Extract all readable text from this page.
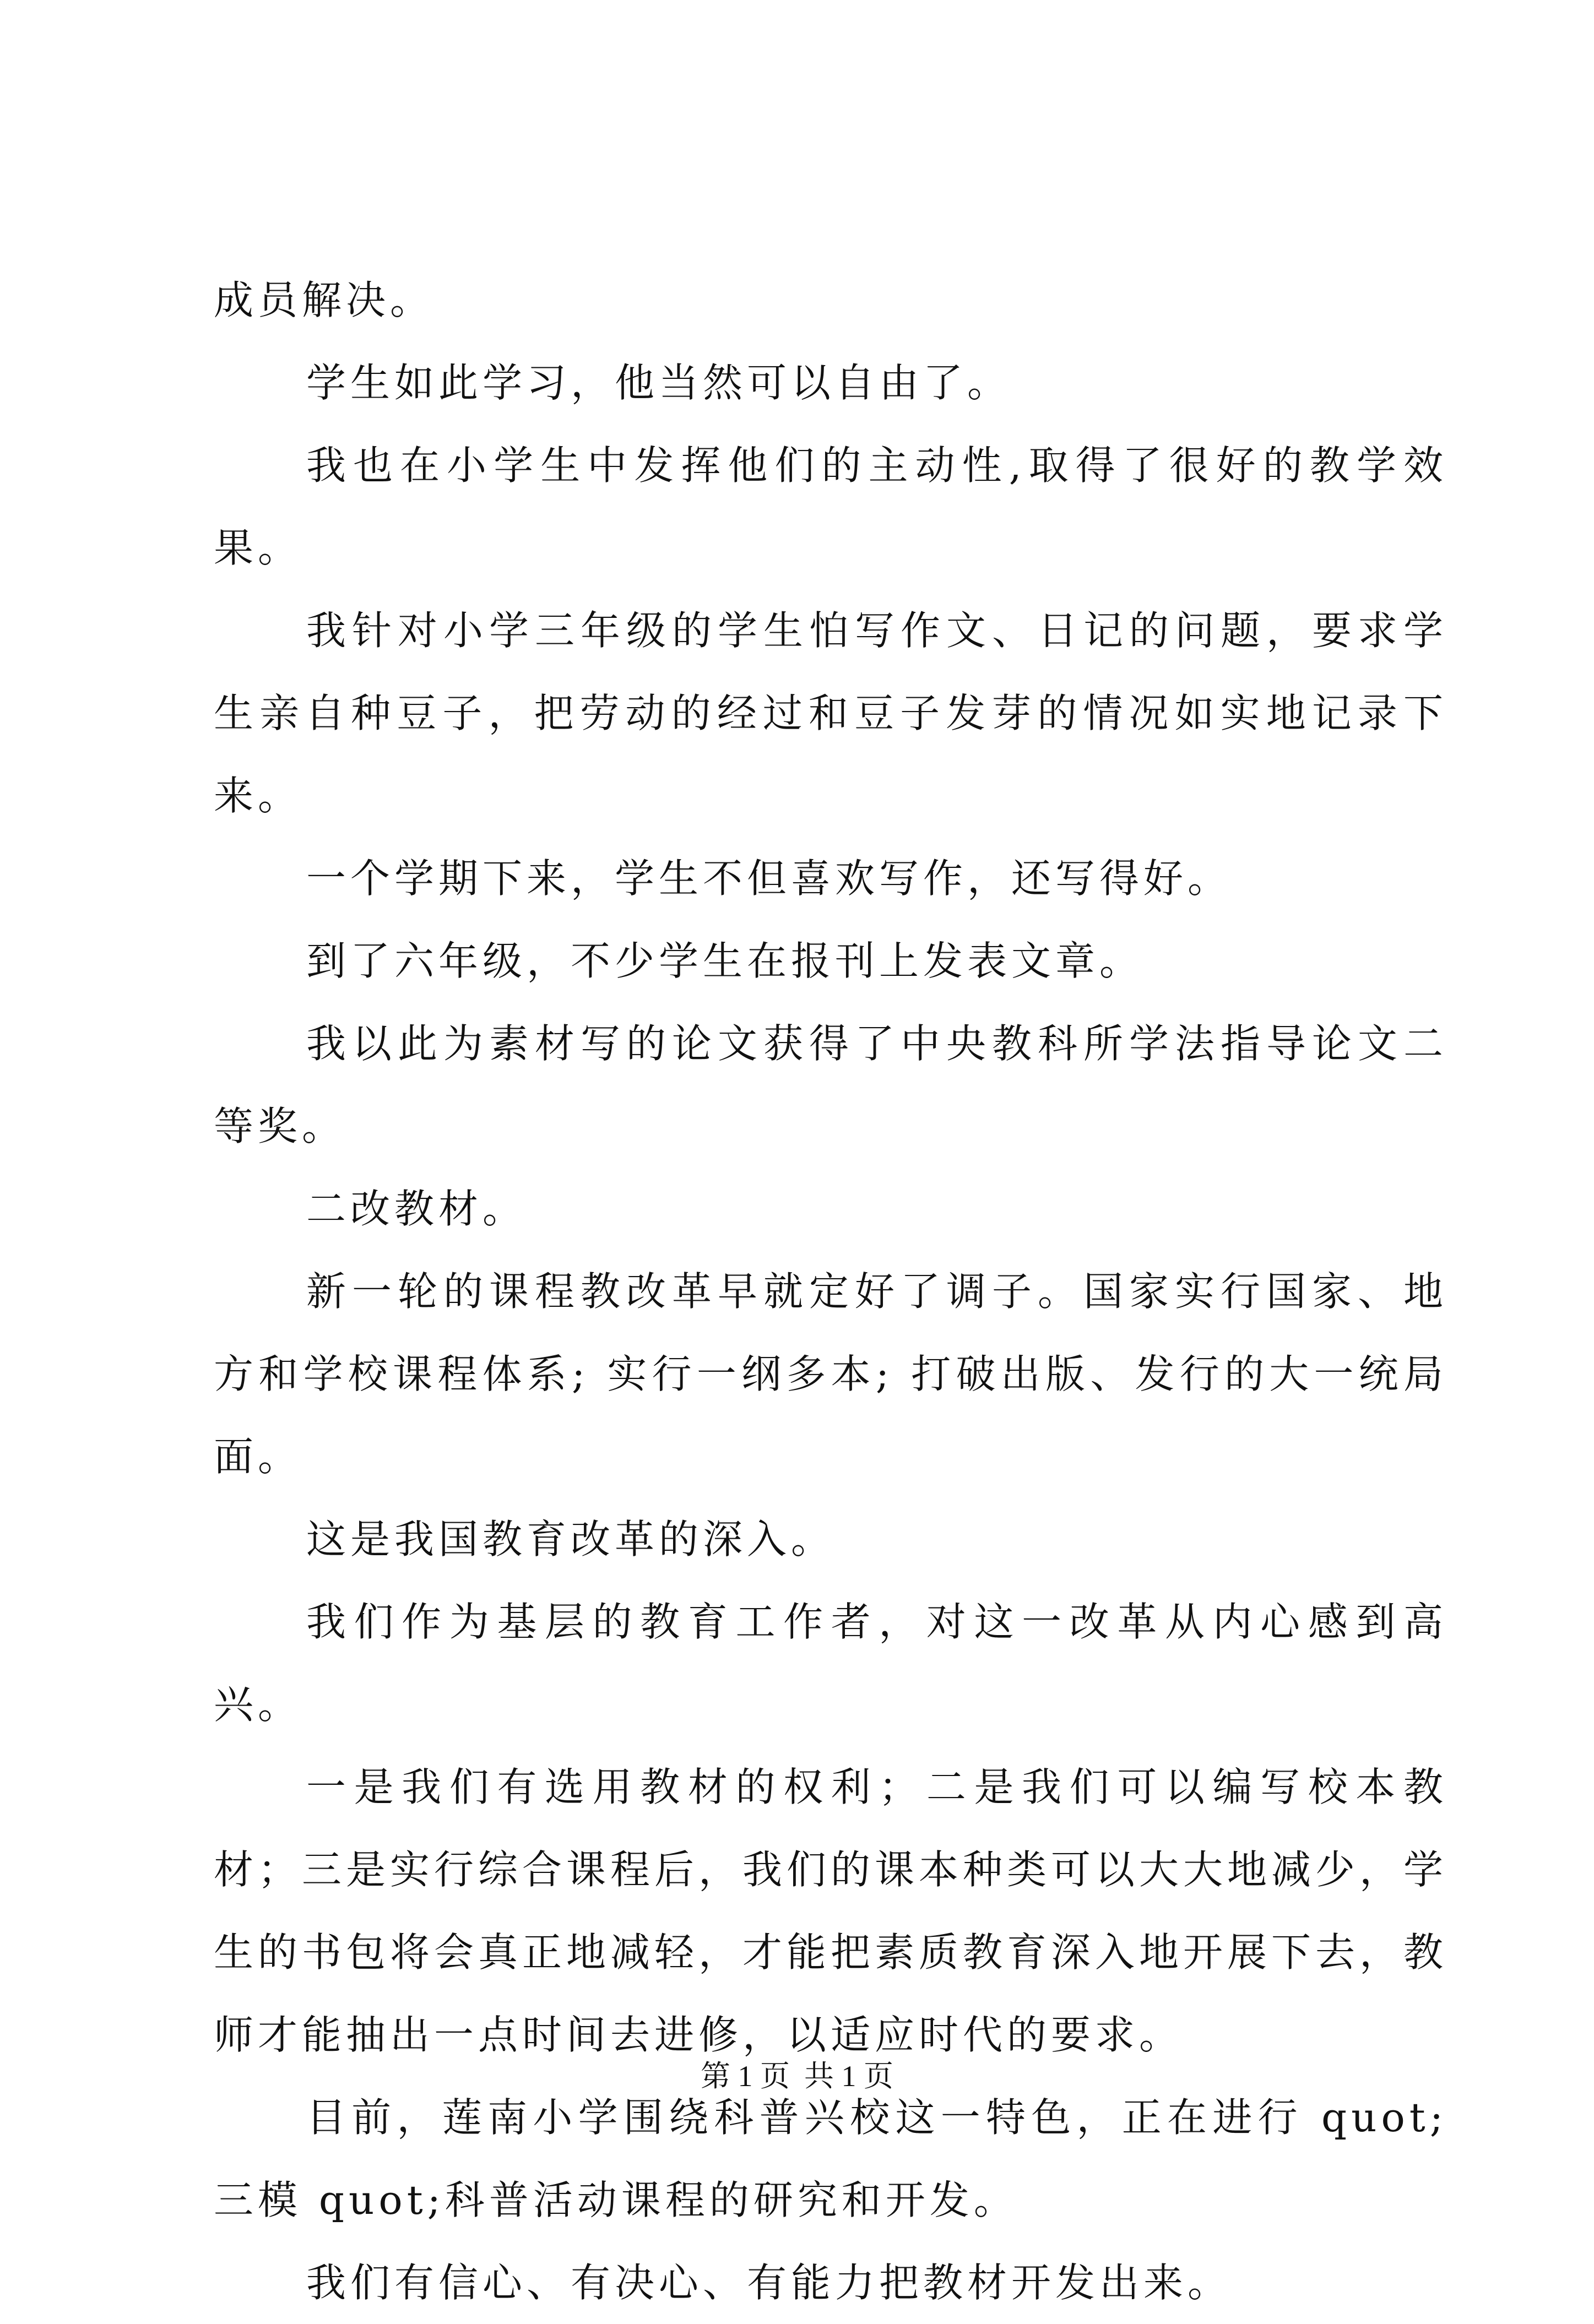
成员解决。

学生如此学习，他当然可以自由了。

我也在小学生中发挥他们的主动性,取得了很好的教学效果。

我针对小学三年级的学生怕写作文、日记的问题，要求学生亲自种豆子，把劳动的经过和豆子发芽的情况如实地记录下来。

一个学期下来，学生不但喜欢写作，还写得好。

到了六年级，不少学生在报刊上发表文章。

我以此为素材写的论文获得了中央教科所学法指导论文二等奖。

二改教材。

新一轮的课程教改革早就定好了调子。国家实行国家、地方和学校课程体系; 实行一纲多本; 打破出版、发行的大一统局面。

这是我国教育改革的深入。

我们作为基层的教育工作者，对这一改革从内心感到高兴。

一是我们有选用教材的权利；二是我们可以编写校本教材；三是实行综合课程后，我们的课本种类可以大大地减少，学生的书包将会真正地减轻，才能把素质教育深入地开展下去，教师才能抽出一点时间去进修，以适应时代的要求。

目前，莲南小学围绕科普兴校这一特色，正在进行 quot;三模 quot;科普活动课程的研究和开发。

我们有信心、有决心、有能力把教材开发出来。

第 1 页 共 1 页
